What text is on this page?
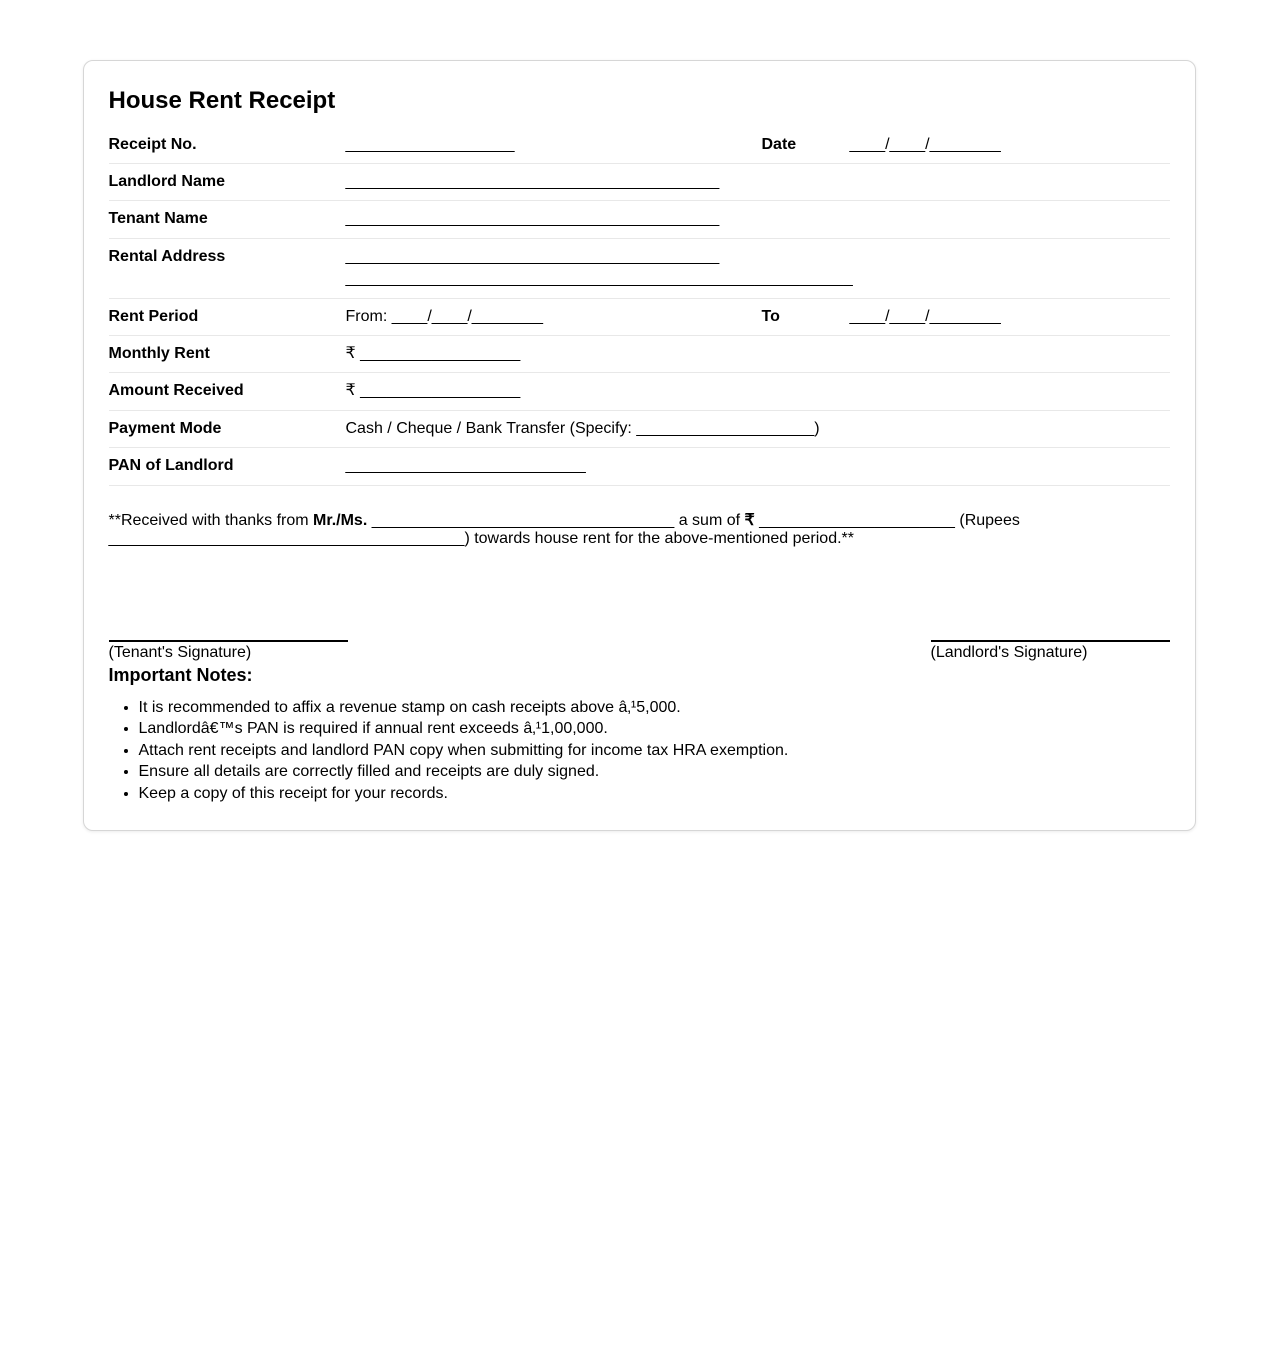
House Rent Receipt
Receipt No.	___________________	Date	____/____/________
Landlord Name	__________________________________________
Tenant Name	__________________________________________
Rental Address	__________________________________________
_________________________________________________________
Rent Period	From: ____/____/________	To	____/____/________
Monthly Rent	₹ __________________
Amount Received	₹ __________________
Payment Mode	Cash / Cheque / Bank Transfer (Specify: ____________________)
PAN of Landlord	___________________________

**Received with thanks from Mr./Ms. __________________________________ a sum of ₹ ______________________ (Rupees ________________________________________) towards house rent for the above-mentioned period.**

(Tenant's Signature)	(Landlord's Signature)
Important Notes:
• It is recommended to affix a revenue stamp on cash receipts above â‚¹5,000.
• Landlordâ€™s PAN is required if annual rent exceeds â‚¹1,00,000.
• Attach rent receipts and landlord PAN copy when submitting for income tax HRA exemption.
• Ensure all details are correctly filled and receipts are duly signed.
• Keep a copy of this receipt for your records.
